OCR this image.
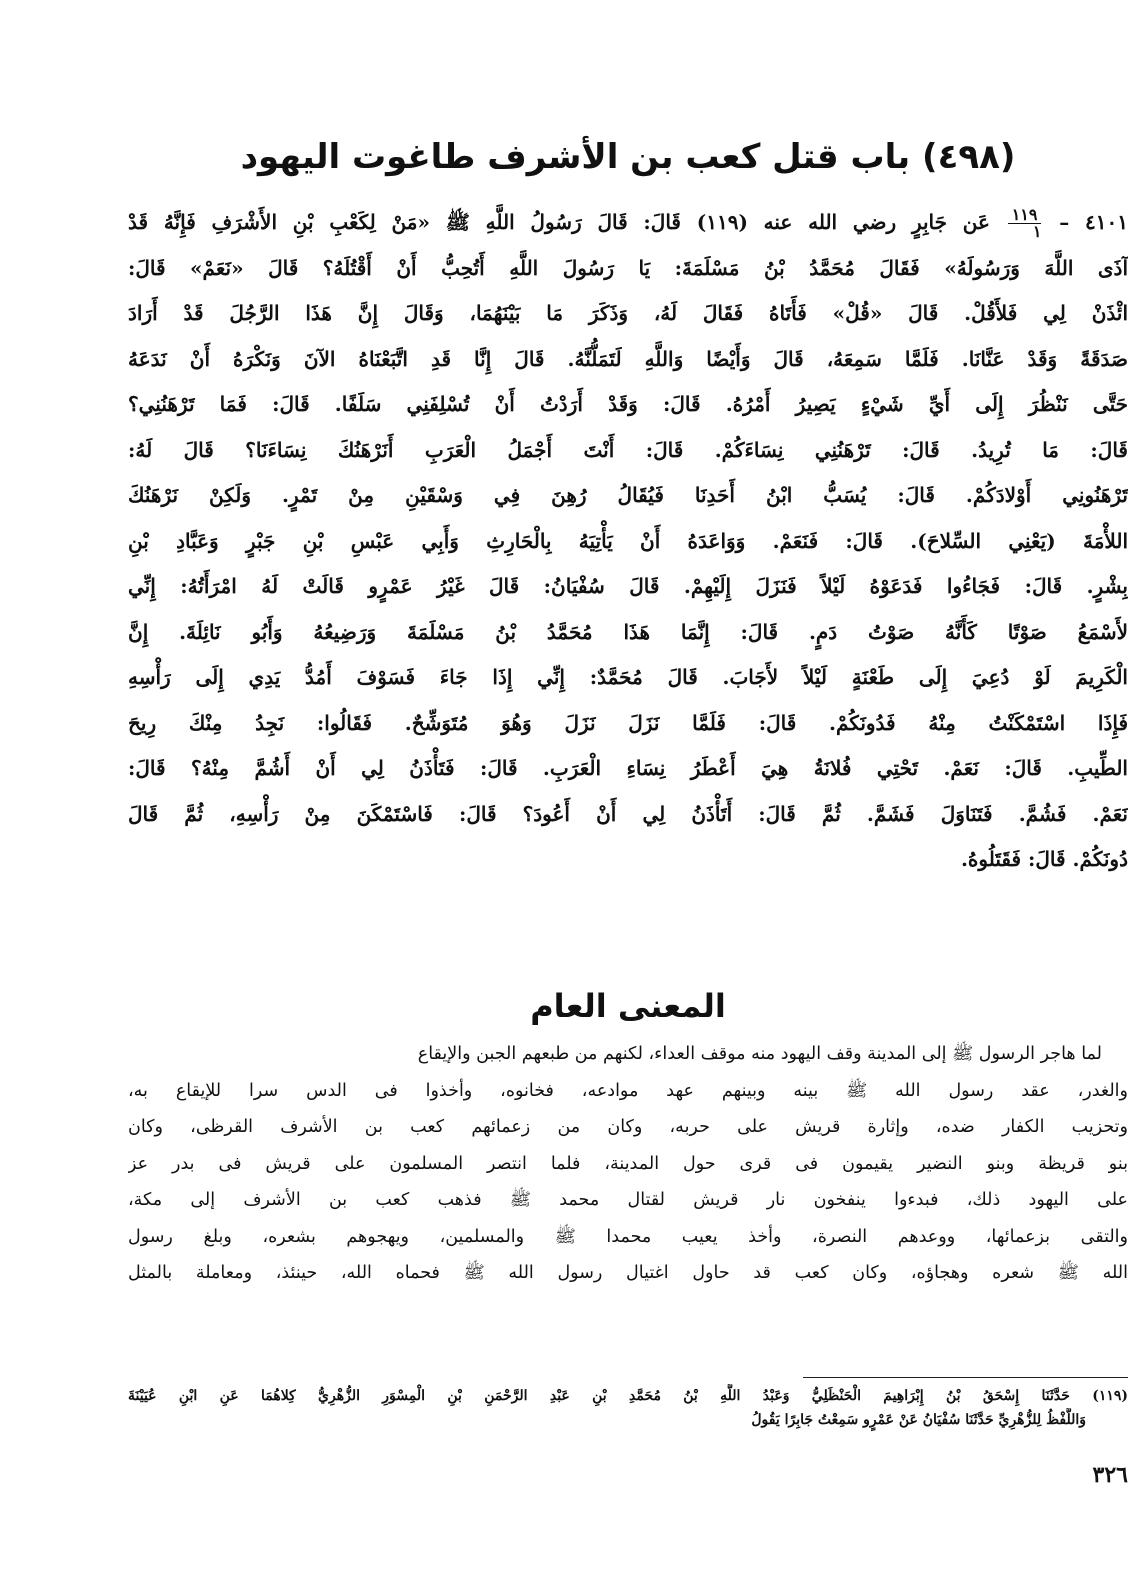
(٤٩٨) باب قتل كعب بن الأشرف طاغوت اليهود
٤١٠١ –
$\frac{١١٩}{١}$
عَن جَابِرٍ رضي الله عنه (١١٩) قَالَ: قَالَ رَسُولُ اللَّهِ ﷺ «مَنْ لِكَعْبِ بْنِ الأَشْرَفِ فَإِنَّهُ قَدْ
آذَى اللَّهَ وَرَسُولَهُ» فَقَالَ مُحَمَّدُ بْنُ مَسْلَمَةَ: يَا رَسُولَ اللَّهِ أَتُحِبُّ أَنْ أَقْتُلَهُ؟ قَالَ «نَعَمْ» قَالَ:
ائْذَنْ لِي فَلأَقُلْ. قَالَ «قُلْ» فَأَتَاهُ فَقَالَ لَهُ، وَذَكَرَ مَا بَيْنَهُمَا، وَقَالَ إِنَّ هَذَا الرَّجُلَ قَدْ أَرَادَ
صَدَقَةً وَقَدْ عَنَّانَا. فَلَمَّا سَمِعَهُ، قَالَ وَأَيْضًا وَاللَّهِ لَتَمَلُّنَّهُ. قَالَ إِنَّا قَدِ اتَّبَعْنَاهُ الآنَ وَنَكْرَهُ أَنْ نَدَعَهُ
حَتَّى نَنْظُرَ إِلَى أَيِّ شَيْءٍ يَصِيرُ أَمْرُهُ. قَالَ: وَقَدْ أَرَدْتُ أَنْ تُسْلِفَنِي سَلَفًا. قَالَ: فَمَا تَرْهَنُنِي؟
قَالَ: مَا تُرِيدُ. قَالَ: تَرْهَنُنِي نِسَاءَكُمْ. قَالَ: أَنْتَ أَجْمَلُ الْعَرَبِ أَنَرْهَنُكَ نِسَاءَنَا؟ قَالَ لَهُ:
تَرْهَنُونِي أَوْلادَكُمْ. قَالَ: يُسَبُّ ابْنُ أَحَدِنَا فَيُقَالُ رُهِنَ فِي وَسْقَيْنِ مِنْ تَمْرٍ. وَلَكِنْ نَرْهَنُكَ
اللأْمَةَ (يَعْنِي السِّلاحَ). قَالَ: فَنَعَمْ. وَوَاعَدَهُ أَنْ يَأْتِيَهُ بِالْحَارِثِ وَأَبِي عَبْسِ بْنِ جَبْرٍ وَعَبَّادِ بْنِ
بِشْرٍ. قَالَ: فَجَاءُوا فَدَعَوْهُ لَيْلاً فَنَزَلَ إِلَيْهِمْ. قَالَ سُفْيَانُ: قَالَ غَيْرُ عَمْرٍو قَالَتْ لَهُ امْرَأَتُهُ: إِنِّي
لأَسْمَعُ صَوْتًا كَأَنَّهُ صَوْتُ دَمٍ. قَالَ: إِنَّمَا هَذَا مُحَمَّدُ بْنُ مَسْلَمَةَ وَرَضِيعُهُ وَأَبُو نَائِلَةَ. إِنَّ
الْكَرِيمَ لَوْ دُعِيَ إِلَى طَعْنَةٍ لَيْلاً لأَجَابَ. قَالَ مُحَمَّدٌ: إِنِّي إِذَا جَاءَ فَسَوْفَ أَمُدُّ يَدِي إِلَى رَأْسِهِ
فَإِذَا اسْتَمْكَنْتُ مِنْهُ فَدُونَكُمْ. قَالَ: فَلَمَّا نَزَلَ نَزَلَ وَهُوَ مُتَوَشِّحٌ. فَقَالُوا: نَجِدُ مِنْكَ رِيحَ
الطِّيبِ. قَالَ: نَعَمْ. تَحْتِي فُلانَةُ هِيَ أَعْطَرُ نِسَاءِ الْعَرَبِ. قَالَ: فَتَأْذَنُ لِي أَنْ أَشُمَّ مِنْهُ؟ قَالَ:
نَعَمْ. فَشُمَّ. فَتَنَاوَلَ فَشَمَّ. ثُمَّ قَالَ: أَتَأْذَنُ لِي أَنْ أَعُودَ؟ قَالَ: فَاسْتَمْكَنَ مِنْ رَأْسِهِ، ثُمَّ قَالَ
دُونَكُمْ. قَالَ: فَقَتَلُوهُ.
المعنى العام
لما هاجر الرسول ﷺ إلى المدينة وقف اليهود منه موقف العداء، لكنهم من طبعهم الجبن والإيقاع
والغدر، عقد رسول الله ﷺ بينه وبينهم عهد موادعه، فخانوه، وأخذوا فى الدس سرا للإيقاع به،
وتحزيب الكفار ضده، وإثارة قريش على حربه، وكان من زعمائهم كعب بن الأشرف القرظى، وكان
بنو قريظة وبنو النضير يقيمون فى قرى حول المدينة، فلما انتصر المسلمون على قريش فى بدر عز
على اليهود ذلك، فبدءوا ينفخون نار قريش لقتال محمد ﷺ فذهب كعب بن الأشرف إلى مكة،
والتقى بزعمائها، ووعدهم النصرة، وأخذ يعيب محمدا ﷺ والمسلمين، ويهجوهم بشعره، وبلغ رسول
الله ﷺ شعره وهجاؤه، وكان كعب قد حاول اغتيال رسول الله ﷺ فحماه الله، حينئذ، ومعاملة بالمثل
(١١٩) حَدَّثَنَا إِسْحَقُ بْنُ إِبْرَاهِيمَ الْحَنْظَلِيُّ وَعَبْدُ اللَّهِ بْنُ مُحَمَّدِ بْنِ عَبْدِ الرَّحْمَنِ بْنِ الْمِسْوَرِ الزُّهْرِيُّ كِلاهُمَا عَنِ ابْنِ عُيَيْنَةَ
وَاللَّفْظُ لِلزُّهْرِيِّ حَدَّثَنَا سُفْيَانُ عَنْ عَمْرٍو سَمِعْتُ جَابِرًا يَقُولُ
٣٢٦
